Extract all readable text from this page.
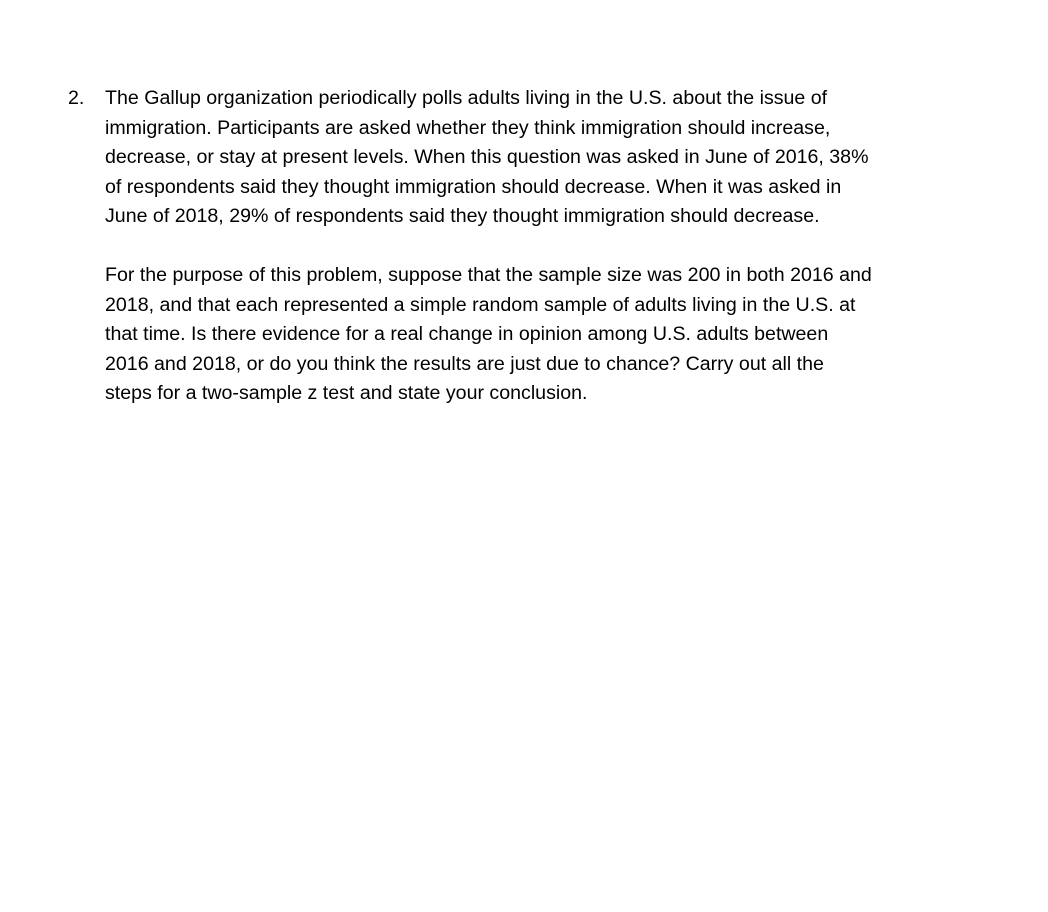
2.	The Gallup organization periodically polls adults living in the U.S. about the issue of
immigration. Participants are asked whether they think immigration should increase,
decrease, or stay at present levels. When this question was asked in June of 2016, 38%
of respondents said they thought immigration should decrease. When it was asked in
June of 2018, 29% of respondents said they thought immigration should decrease.
For the purpose of this problem, suppose that the sample size was 200 in both 2016 and
2018, and that each represented a simple random sample of adults living in the U.S. at
that time. Is there evidence for a real change in opinion among U.S. adults between
2016 and 2018, or do you think the results are just due to chance? Carry out all the
steps for a two-sample z test and state your conclusion.
